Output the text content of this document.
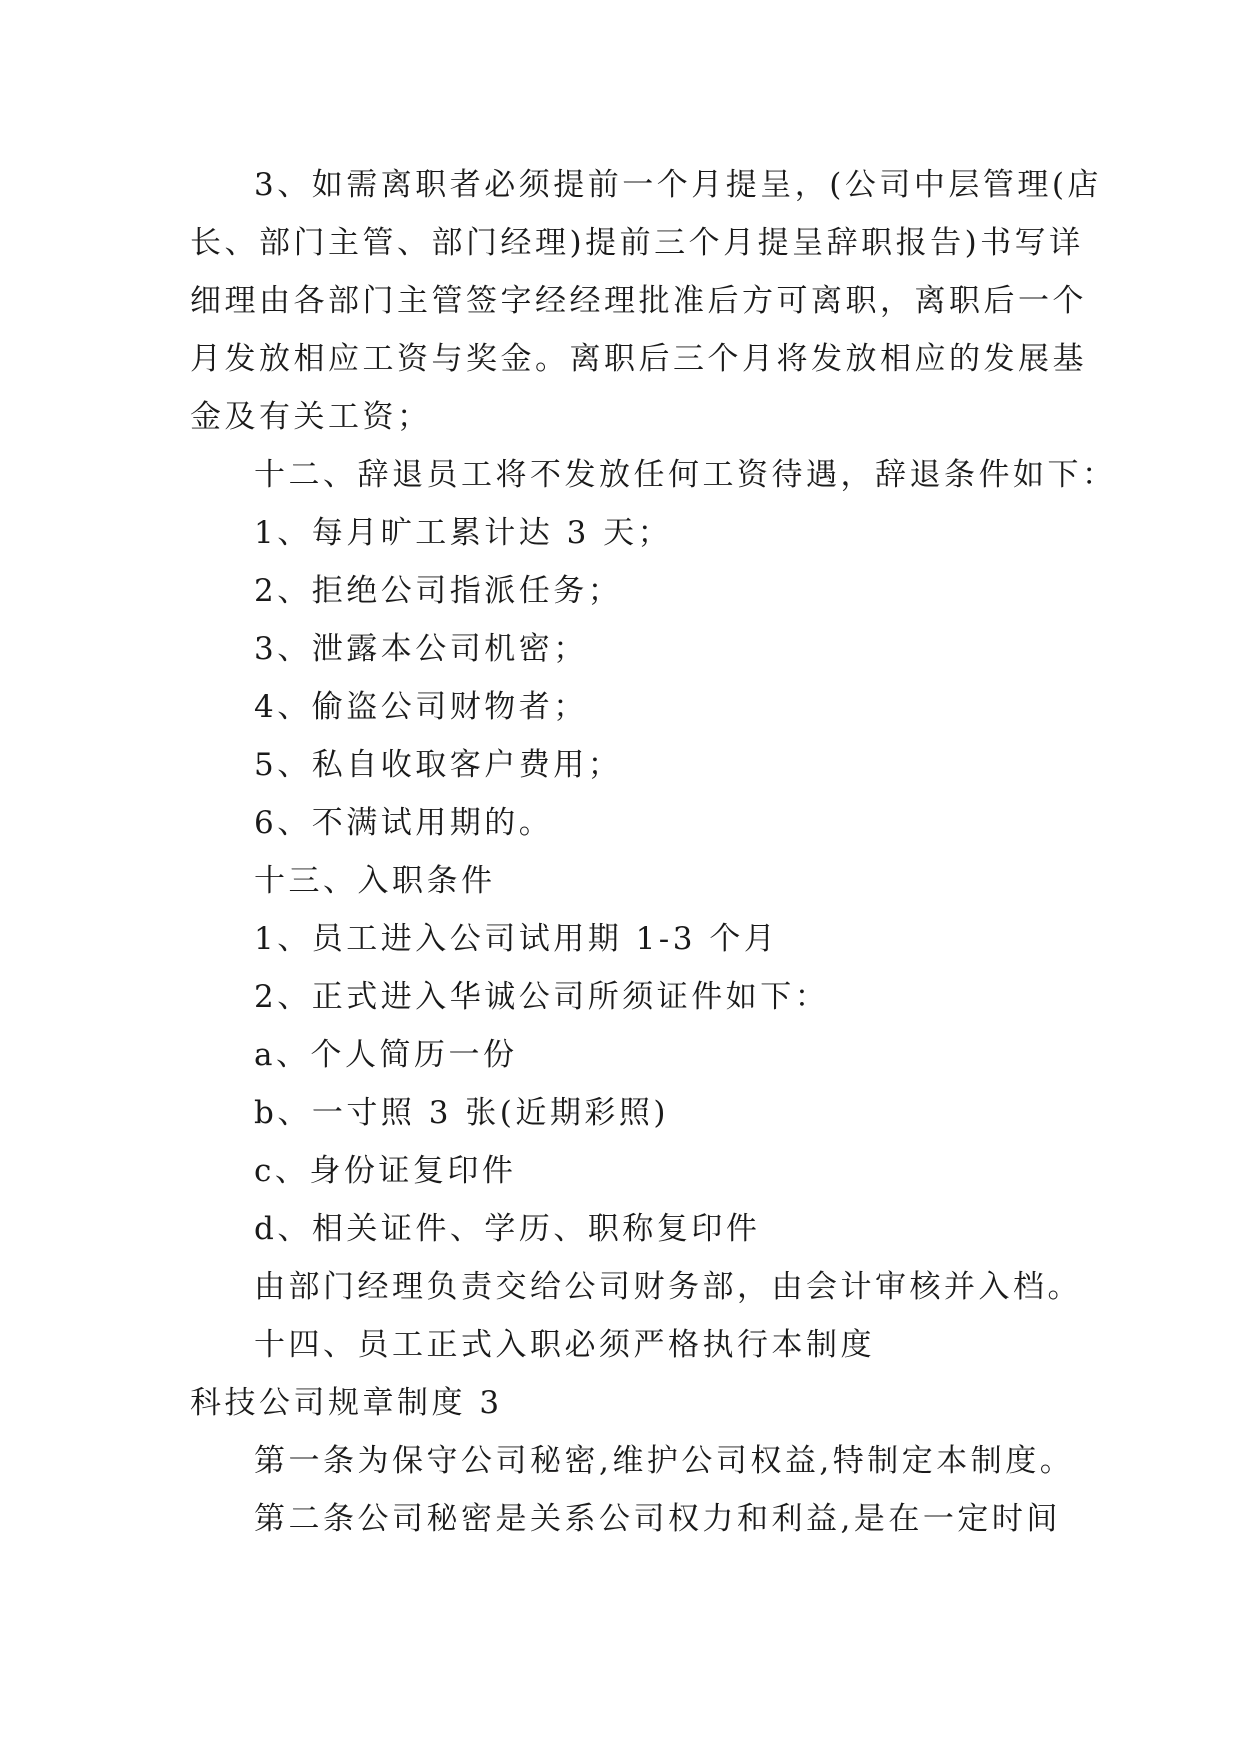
3、如需离职者必须提前一个月提呈，(公司中层管理(店
长、部门主管、部门经理)提前三个月提呈辞职报告)书写详
细理由各部门主管签字经经理批准后方可离职，离职后一个
月发放相应工资与奖金。离职后三个月将发放相应的发展基
金及有关工资；
十二、辞退员工将不发放任何工资待遇，辞退条件如下：
1、每月旷工累计达 3 天；
2、拒绝公司指派任务；
3、泄露本公司机密；
4、偷盗公司财物者；
5、私自收取客户费用；
6、不满试用期的。
十三、入职条件
1、员工进入公司试用期 1-3 个月
2、正式进入华诚公司所须证件如下：
a、个人简历一份
b、一寸照 3 张(近期彩照)
c、身份证复印件
d、相关证件、学历、职称复印件
由部门经理负责交给公司财务部，由会计审核并入档。
十四、员工正式入职必须严格执行本制度
科技公司规章制度 3
第一条为保守公司秘密,维护公司权益,特制定本制度。
第二条公司秘密是关系公司权力和利益,是在一定时间
